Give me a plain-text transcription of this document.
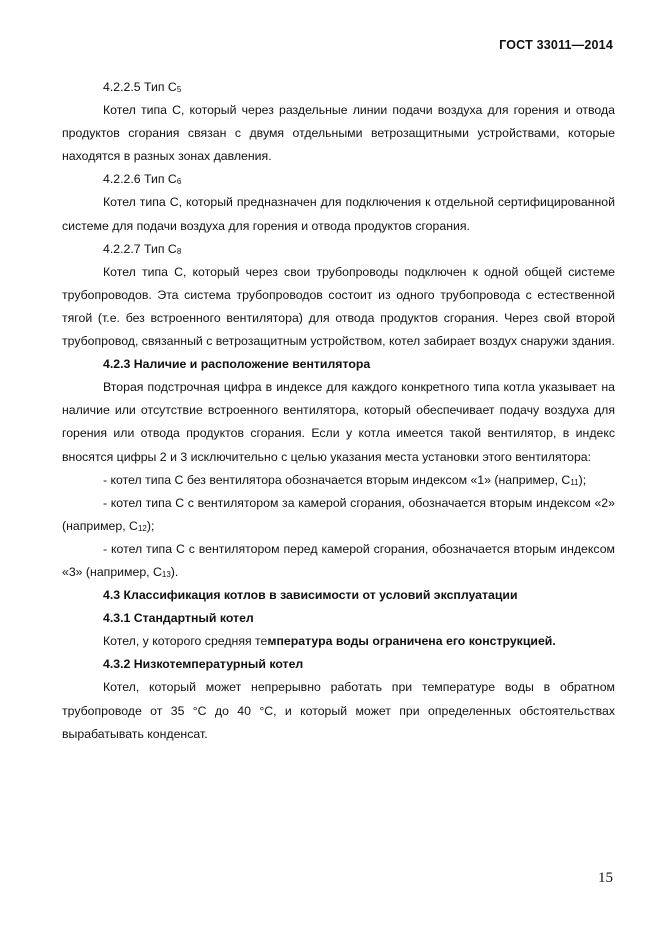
ГОСТ 33011—2014

4.2.2.5 Тип $C_5$

Котел типа С, который через раздельные линии подачи воздуха для горения и отвода продуктов сгорания связан с двумя отдельными ветрозащитными устройствами, которые находятся в разных зонах давления.

4.2.2.6 Тип $C_6$

Котел типа С, который предназначен для подключения к отдельной сертифицированной системе для подачи воздуха для горения и отвода продуктов сгорания.

4.2.2.7 Тип $C_8$

Котел типа С, который через свои трубопроводы подключен к одной общей системе трубопроводов. Эта система трубопроводов состоит из одного трубопровода с естественной тягой (т.е. без встроенного вентилятора) для отвода продуктов сгорания. Через свой второй трубопровод, связанный с ветрозащитным устройством, котел забирает воздух снаружи здания.

4.2.3 Наличие и расположение вентилятора

Вторая подстрочная цифра в индексе для каждого конкретного типа котла указывает на наличие или отсутствие встроенного вентилятора, который обеспечивает подачу воздуха для горения или отвода продуктов сгорания. Если у котла имеется такой вентилятор, в индекс вносятся цифры 2 и 3 исключительно с целью указания места установки этого вентилятора:

- котел типа С без вентилятора обозначается вторым индексом «1» (например, $C_{11}$);

- котел типа С с вентилятором за камерой сгорания, обозначается вторым индексом «2» (например, $C_{12}$);

- котел типа С с вентилятором перед камерой сгорания, обозначается вторым индексом «3» (например, $C_{13}$).

4.3 Классификация котлов в зависимости от условий эксплуатации

4.3.1 Стандартный котел

Котел, у которого средняя температура воды ограничена его конструкцией.

4.3.2 Низкотемпературный котел

Котел, который может непрерывно работать при температуре воды в обратном трубопроводе от 35 °С до 40 °С, и который может при определенных обстоятельствах вырабатывать конденсат.

15
